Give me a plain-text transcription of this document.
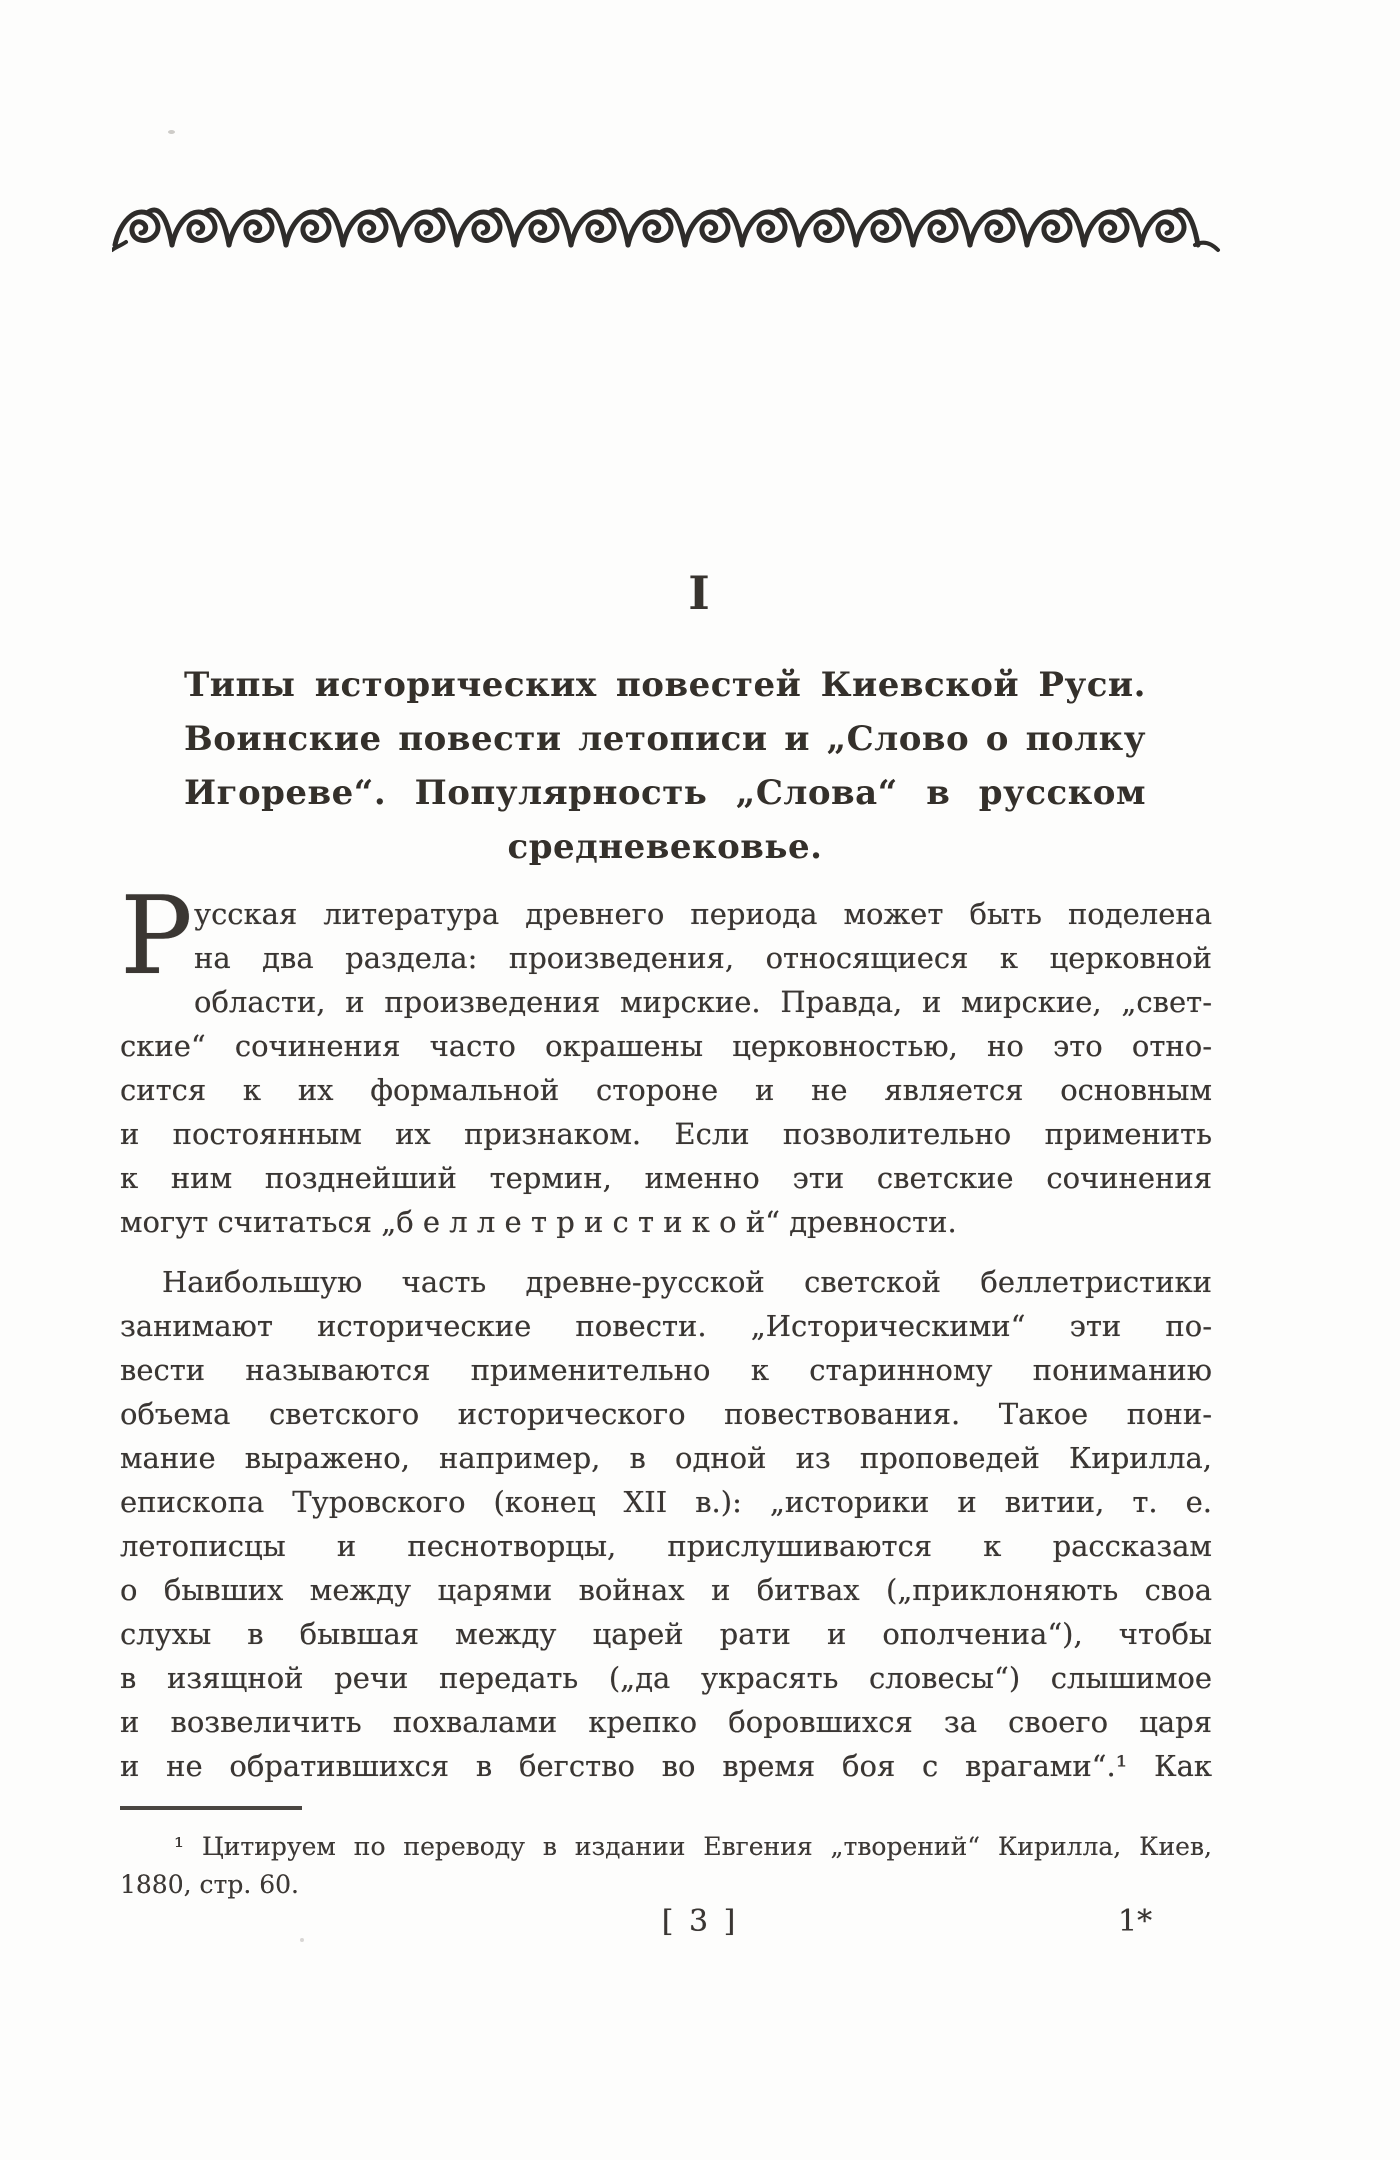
I
Типы исторических повестей Киевской Руси.
Воинские повести летописи и „Слово о полку
Игореве“. Популярность „Слова“ в русском
средневековье.
Р усская литература древнего периода может быть поделена
на два раздела: произведения, относящиеся к церковной
области, и произведения мирские. Правда, и мирские, „свет-
ские“ сочинения часто окрашены церковностью, но это отно-
сится к их формальной стороне и не является основным
и постоянным их признаком. Если позволительно применить
к ним позднейший термин, именно эти светские сочинения
могут считаться „б е л л е т р и с т и к о й“ древности.
Наибольшую часть древне-русской светской беллетристики
занимают исторические повести. „Историческими“ эти по-
вести называются применительно к старинному пониманию
объема светского исторического повествования. Такое пони-
мание выражено, например, в одной из проповедей Кирилла,
епископа Туровского (конец XII в.): „историки и витии, т. е.
летописцы и песнотворцы, прислушиваются к рассказам
о бывших между царями войнах и битвах („приклоняють своа
слухы в бывшая между царей рати и ополчениа“), чтобы
в изящной речи передать („да украсять словесы“) слышимое
и возвеличить похвалами крепко боровшихся за своего царя
и не обратившихся в бегство во время боя с врагами“.¹ Как
¹ Цитируем по переводу в издании Евгения „творений“ Кирилла, Киев,
1880, стр. 60.
[ 3 ]	1*
